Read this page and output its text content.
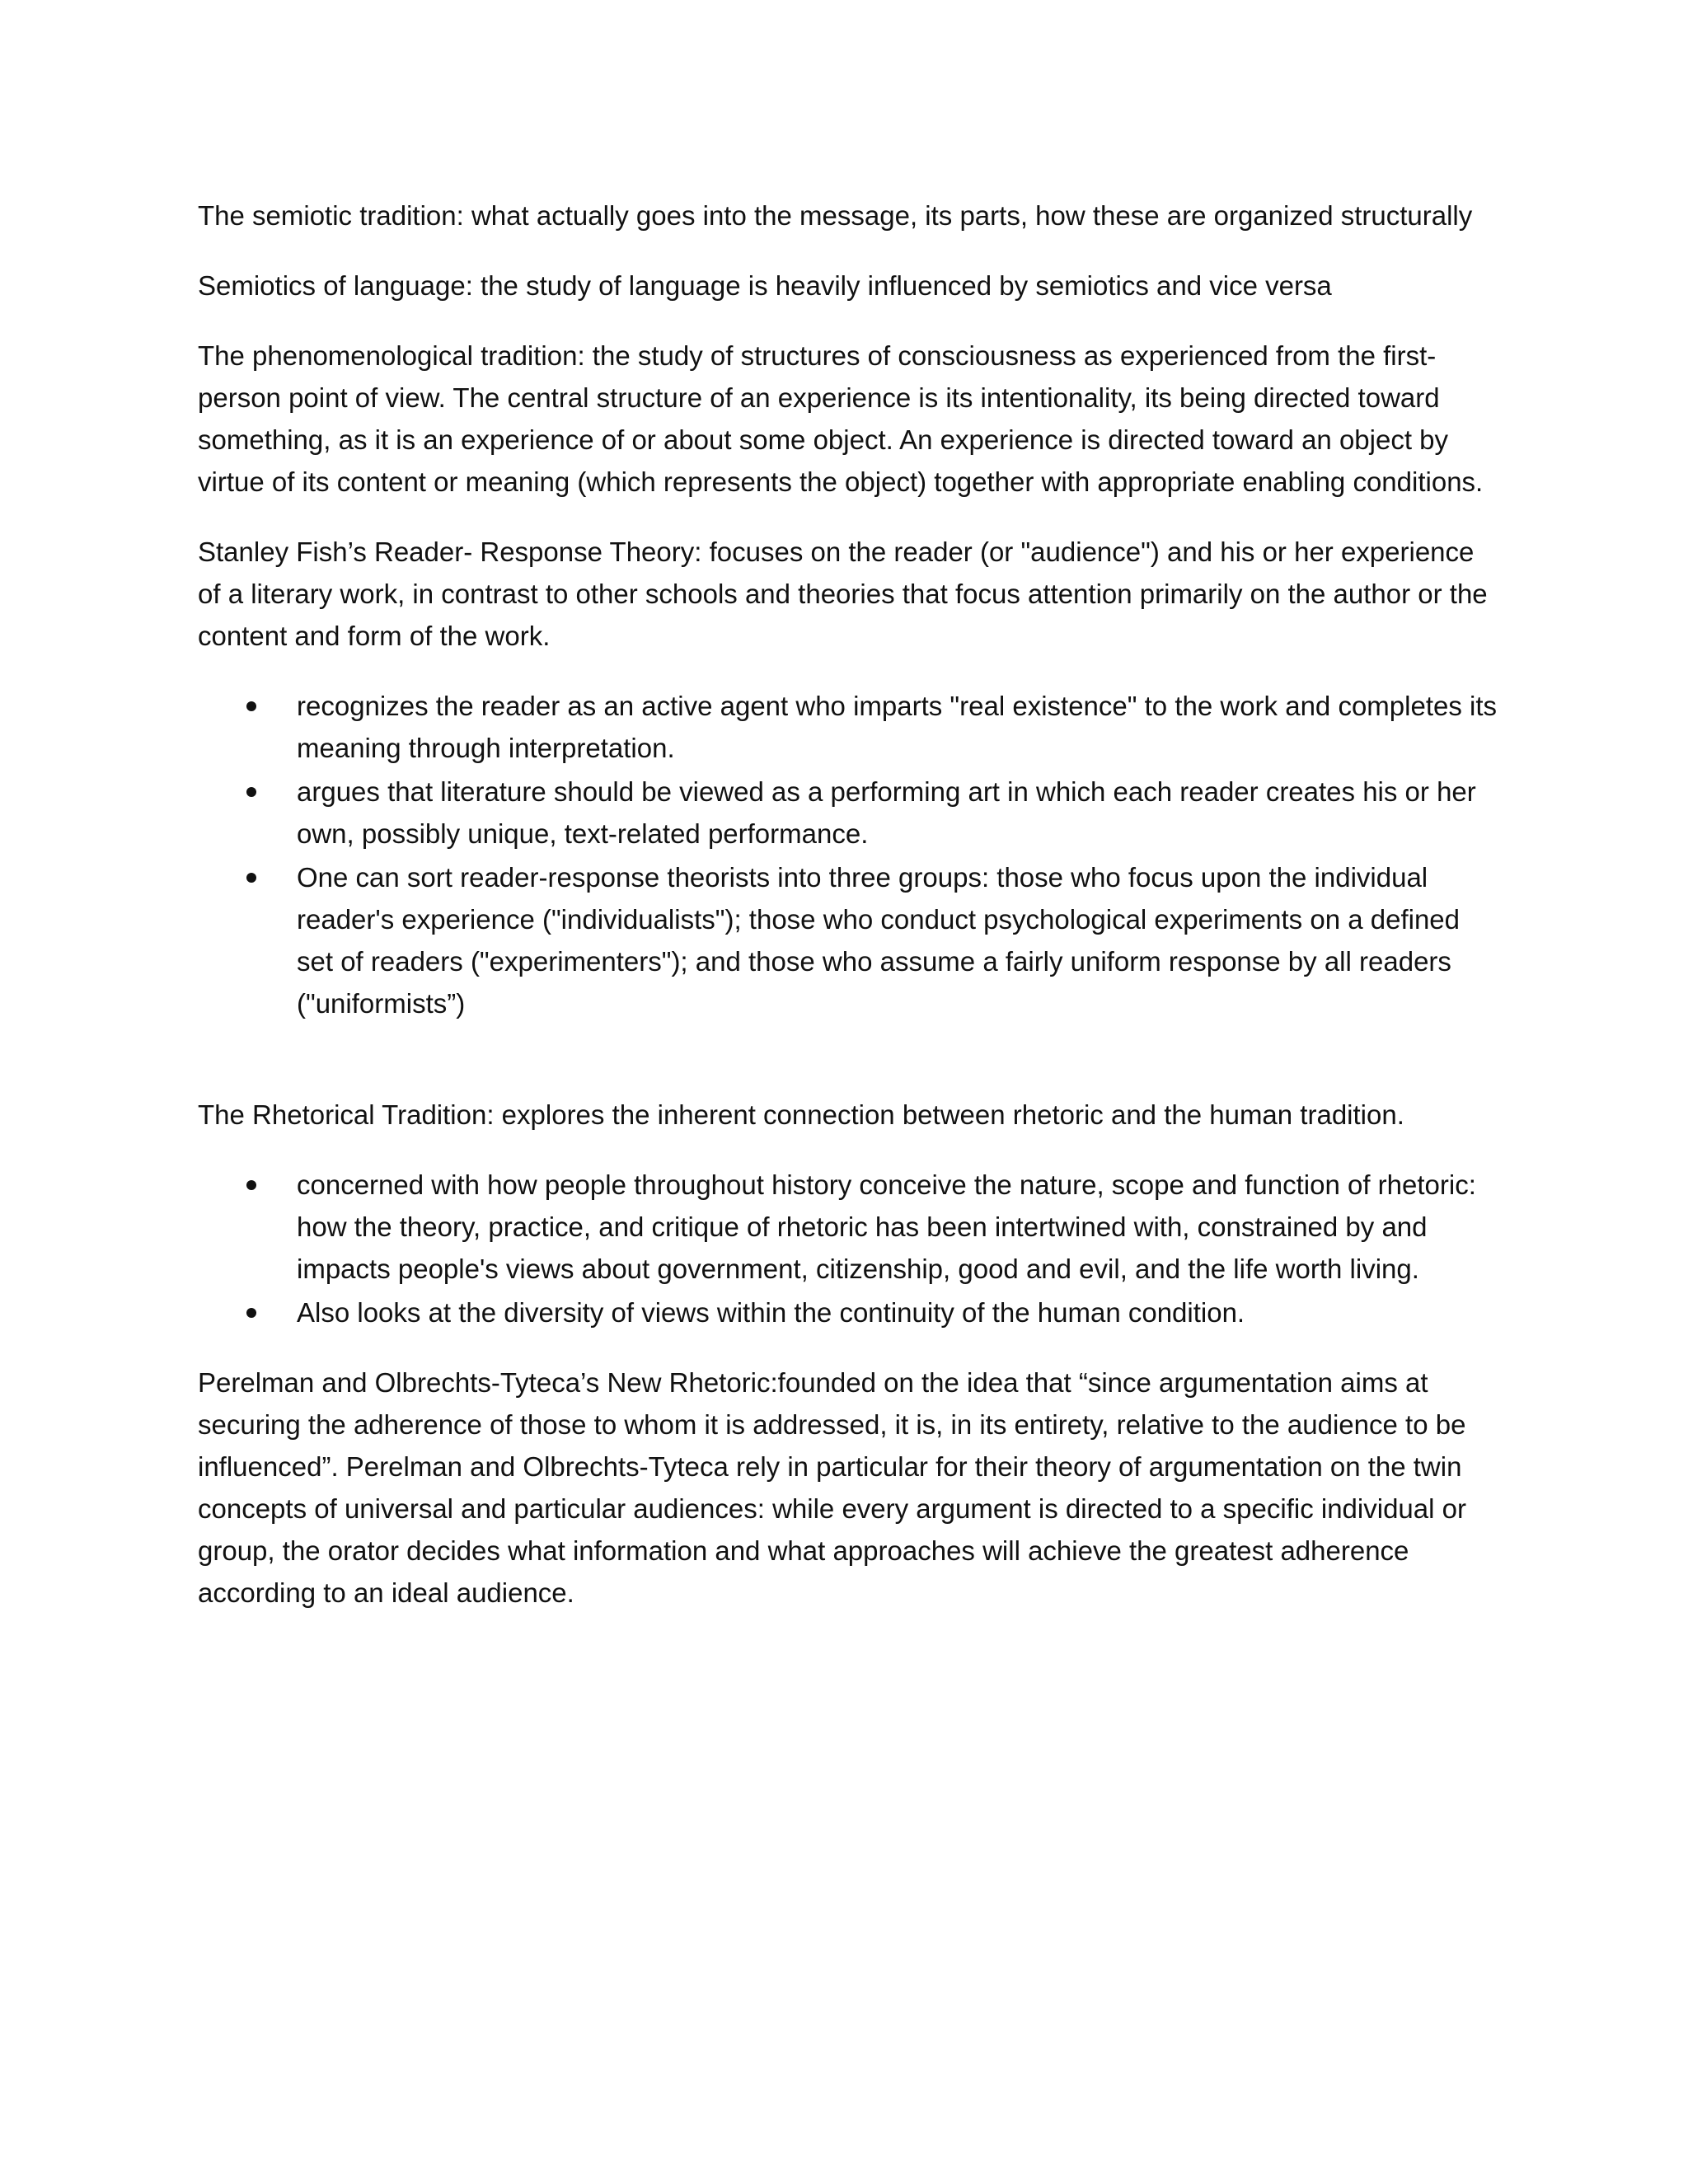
The semiotic tradition: what actually goes into the message, its parts, how these are organized structurally

Semiotics of language: the study of language is heavily influenced by semiotics and vice versa

The phenomenological tradition: the study of structures of consciousness as experienced from the first-person point of view. The central structure of an experience is its intentionality, its being directed toward something, as it is an experience of or about some object. An experience is directed toward an object by virtue of its content or meaning (which represents the object) together with appropriate enabling conditions.

Stanley Fish’s Reader- Response Theory: focuses on the reader (or "audience") and his or her experience of a literary work, in contrast to other schools and theories that focus attention primarily on the author or the content and form of the work.

recognizes the reader as an active agent who imparts "real existence" to the work and completes its meaning through interpretation.
argues that literature should be viewed as a performing art in which each reader creates his or her own, possibly unique, text-related performance.
One can sort reader-response theorists into three groups: those who focus upon the individual reader's experience ("individualists"); those who conduct psychological experiments on a defined set of readers ("experimenters"); and those who assume a fairly uniform response by all readers ("uniformists”)

The Rhetorical Tradition: explores the inherent connection between rhetoric and the human tradition.

concerned with how people throughout history conceive the nature, scope and function of rhetoric: how the theory, practice, and critique of rhetoric has been intertwined with, constrained by and impacts people's views about government, citizenship, good and evil, and the life worth living.
Also looks at the diversity of views within the continuity of the human condition.

Perelman and Olbrechts-Tyteca’s New Rhetoric:founded on the idea that “since argumentation aims at securing the adherence of those to whom it is addressed, it is, in its entirety, relative to the audience to be influenced”. Perelman and Olbrechts-Tyteca rely in particular for their theory of argumentation on the twin concepts of universal and particular audiences: while every argument is directed to a specific individual or group, the orator decides what information and what approaches will achieve the greatest adherence according to an ideal audience.
